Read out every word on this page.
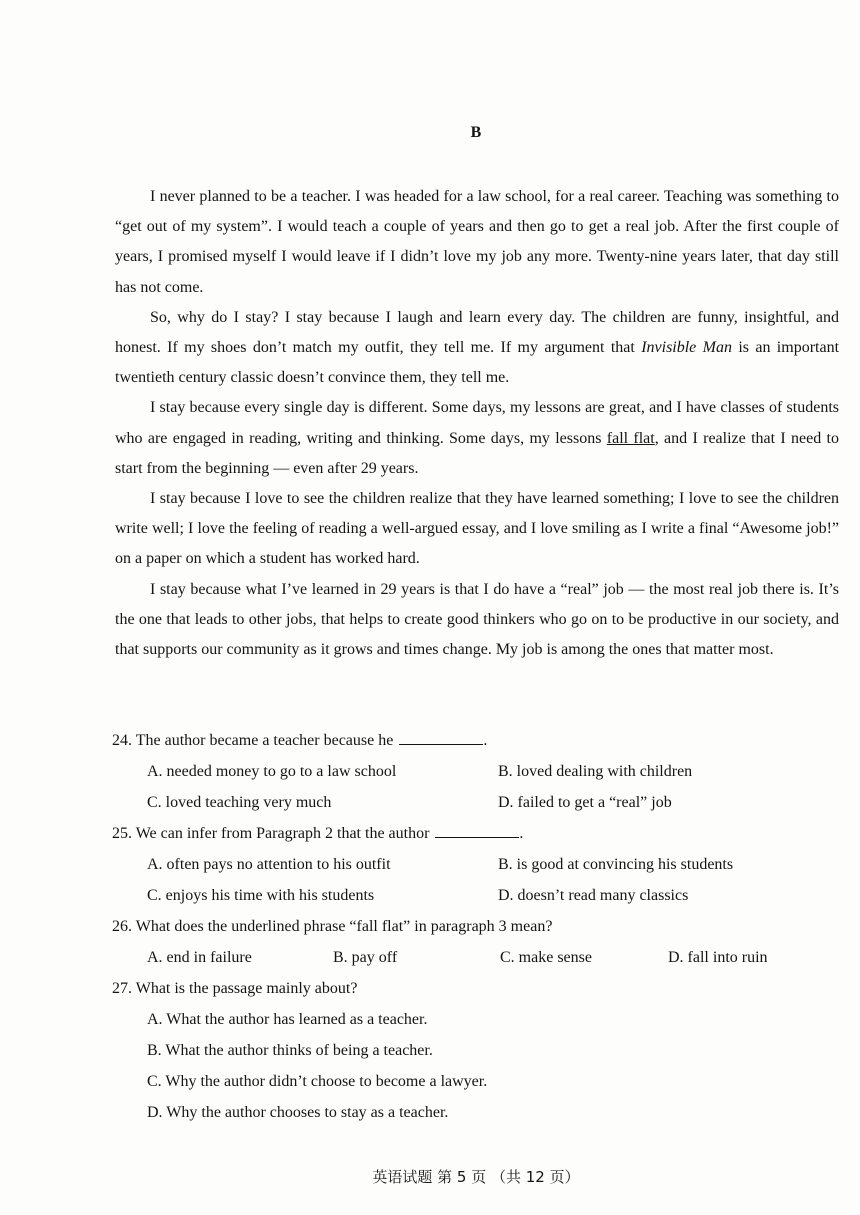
B

I never planned to be a teacher. I was headed for a law school, for a real career. Teaching was something to “get out of my system”. I would teach a couple of years and then go to get a real job. After the first couple of years, I promised myself I would leave if I didn’t love my job any more. Twenty-nine years later, that day still has not come.

So, why do I stay? I stay because I laugh and learn every day. The children are funny, insightful, and honest. If my shoes don’t match my outfit, they tell me. If my argument that Invisible Man is an important twentieth century classic doesn’t convince them, they tell me.

I stay because every single day is different. Some days, my lessons are great, and I have classes of students who are engaged in reading, writing and thinking. Some days, my lessons fall flat, and I realize that I need to start from the beginning — even after 29 years.

I stay because I love to see the children realize that they have learned something; I love to see the children write well; I love the feeling of reading a well-argued essay, and I love smiling as I write a final “Awesome job!” on a paper on which a student has worked hard.

I stay because what I’ve learned in 29 years is that I do have a “real” job — the most real job there is. It’s the one that leads to other jobs, that helps to create good thinkers who go on to be productive in our society, and that supports our community as it grows and times change. My job is among the ones that matter most.

24. The author became a teacher because he	.
A. needed money to go to a law school	B. loved dealing with children
C. loved teaching very much	D. failed to get a “real” job
25. We can infer from Paragraph 2 that the author	.
A. often pays no attention to his outfit	B. is good at convincing his students
C. enjoys his time with his students	D. doesn’t read many classics
26. What does the underlined phrase “fall flat” in paragraph 3 mean?
A. end in failure	B. pay off	C. make sense	D. fall into ruin
27. What is the passage mainly about?
A. What the author has learned as a teacher.
B. What the author thinks of being a teacher.
C. Why the author didn’t choose to become a lawyer.
D. Why the author chooses to stay as a teacher.
英语试题 第 5 页 （共 12 页）
